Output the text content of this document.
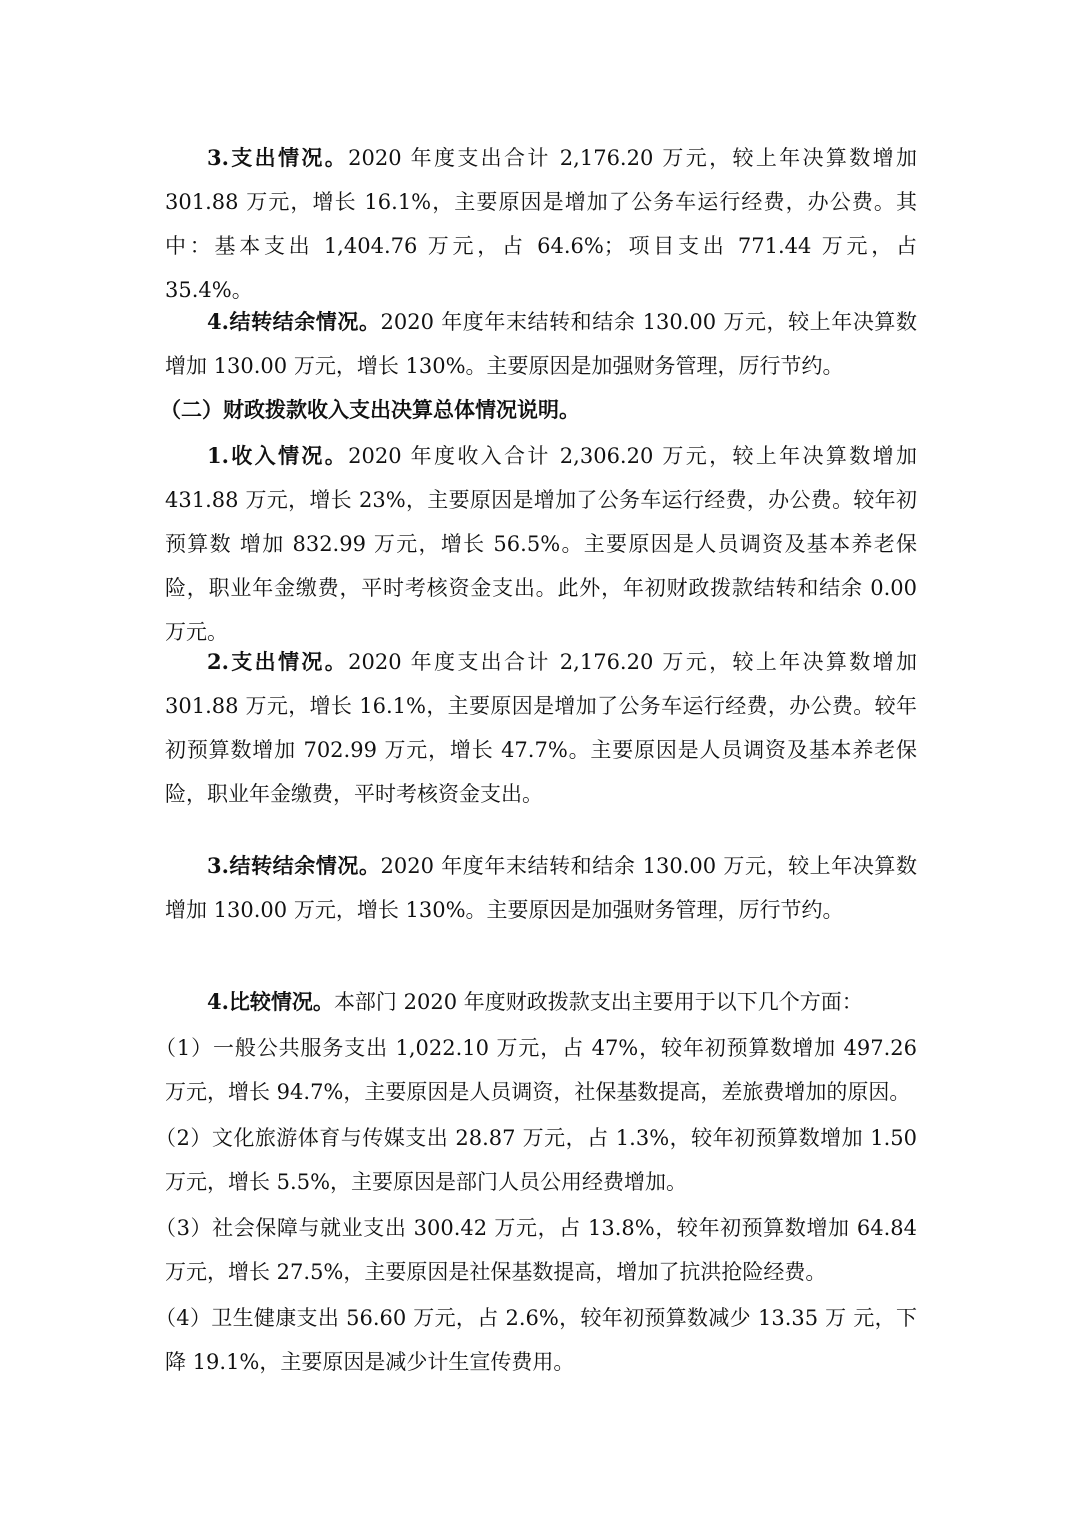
3.支出情况。2020 年度支出合计 2,176.20 万元，较上年决算数增加 301.88 万元，增长 16.1%，主要原因是增加了公务车运行经费，办公费。其中：基本支出 1,404.76 万元，占 64.6%；项目支出 771.44 万元，占 35.4%。

4.结转结余情况。2020 年度年末结转和结余 130.00 万元，较上年决算数增加 130.00 万元，增长 130%。主要原因是加强财务管理，厉行节约。

（二）财政拨款收入支出决算总体情况说明。

1.收入情况。2020 年度收入合计 2,306.20 万元，较上年决算数增加 431.88 万元，增长 23%，主要原因是增加了公务车运行经费，办公费。较年初预算数 增加 832.99 万元，增长 56.5%。主要原因是人员调资及基本养老保险，职业年金缴费，平时考核资金支出。此外，年初财政拨款结转和结余 0.00 万元。

2.支出情况。2020 年度支出合计 2,176.20 万元，较上年决算数增加 301.88 万元，增长 16.1%，主要原因是增加了公务车运行经费，办公费。较年初预算数增加 702.99 万元，增长 47.7%。主要原因是人员调资及基本养老保险，职业年金缴费，平时考核资金支出。

3.结转结余情况。2020 年度年末结转和结余 130.00 万元，较上年决算数增加 130.00 万元，增长 130%。主要原因是加强财务管理，厉行节约。

4.比较情况。本部门 2020 年度财政拨款支出主要用于以下几个方面：

（1）一般公共服务支出 1,022.10 万元，占 47%，较年初预算数增加 497.26 万元，增长 94.7%，主要原因是人员调资，社保基数提高，差旅费增加的原因。

（2）文化旅游体育与传媒支出 28.87 万元，占 1.3%，较年初预算数增加 1.50 万元，增长 5.5%，主要原因是部门人员公用经费增加。

（3）社会保障与就业支出 300.42 万元，占 13.8%，较年初预算数增加 64.84 万元，增长 27.5%，主要原因是社保基数提高，增加了抗洪抢险经费。

（4）卫生健康支出 56.60 万元，占 2.6%，较年初预算数减少 13.35 万 元，下降 19.1%，主要原因是减少计生宣传费用。
